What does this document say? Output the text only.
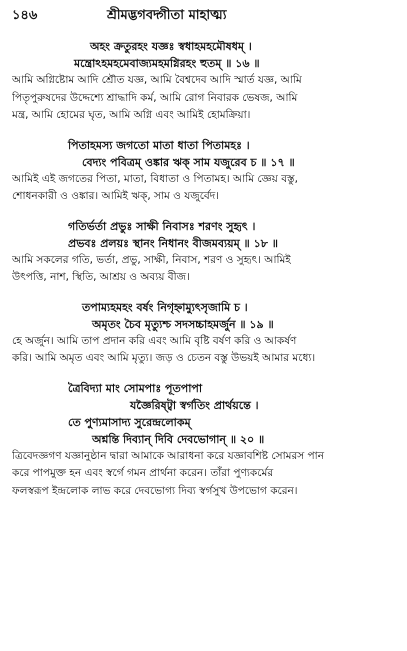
১৪৬	শ্রীমদ্ভগবদ্গীতা মাহাত্ম্য
অহং ক্রতুরহং যজ্ঞঃ স্বধাহমহমৌষধম্ ।
মন্ত্রোঽহমহমেবাজ্যমহমগ্নিরহং হুতম্ ॥ ১৬ ॥
আমি অগ্নিষ্টোম আদি শ্রৌত যজ্ঞ, আমি বৈশ্বদেব আদি স্মার্ত যজ্ঞ, আমি
পিতৃপুরুষদের উদ্দেশ্যে শ্রাদ্ধাদি কর্ম, আমি রোগ নিবারক ভেষজ, আমি
মন্ত্র, আমি হোমের ঘৃত, আমি অগ্নি এবং আমিই হোমক্রিয়া।
পিতাহমস্য জগতো মাতা ধাতা পিতামহঃ ।
বেদ্যং পবিত্রম্ ওঙ্কার ঋক্ সাম যজুরেব চ ॥ ১৭ ॥
আমিই এই জগতের পিতা, মাতা, বিধাতা ও পিতামহ। আমি জ্ঞেয় বস্তু,
শোধনকারী ও ওঙ্কার। আমিই ঋক্, সাম ও যজুর্বেদ।
গতির্ভর্তা প্রভুঃ সাক্ষী নিবাসঃ শরণং সুহৃৎ ।
প্রভবঃ প্রলয়ঃ স্থানং নিধানং বীজমব্যয়ম্ ॥ ১৮ ॥
আমি সকলের গতি, ভর্তা, প্রভু, সাক্ষী, নিবাস, শরণ ও সুহৃৎ। আমিই
উৎপত্তি, নাশ, স্থিতি, আশ্রয় ও অব্যয় বীজ।
তপাম্যহমহং বর্ষং নিগৃহ্নাম্যুৎসৃজামি চ ।
অমৃতং চৈব মৃত্যুশ্চ সদসচ্চাহমর্জুন ॥ ১৯ ॥
হে অর্জুন। আমি তাপ প্রদান করি এবং আমি বৃষ্টি বর্ষণ করি ও আকর্ষণ
করি। আমি অমৃত এবং আমি মৃত্যু। জড় ও চেতন বস্তু উভয়ই আমার মধ্যে।
ত্রৈবিদ্যা মাং সোমপাঃ পূতপাপা
যজ্ঞৈরিষ্ট্বা স্বর্গতিং প্রার্থয়ন্তে ।
তে পুণ্যমাসাদ্য সুরেন্দ্রলোকম্
অশ্নন্তি দিব্যান্ দিবি দেবভোগান্ ॥ ২০ ॥
ত্রিবেদজ্ঞগণ যজ্ঞানুষ্ঠান দ্বারা আমাকে আরাধনা করে যজ্ঞাবশিষ্ট সোমরস পান
করে পাপমুক্ত হন এবং স্বর্গে গমন প্রার্থনা করেন। তাঁরা পুণ্যকর্মের
ফলস্বরূপ ইন্দ্রলোক লাভ করে দেবভোগ্য দিব্য স্বর্গসুখ উপভোগ করেন।
